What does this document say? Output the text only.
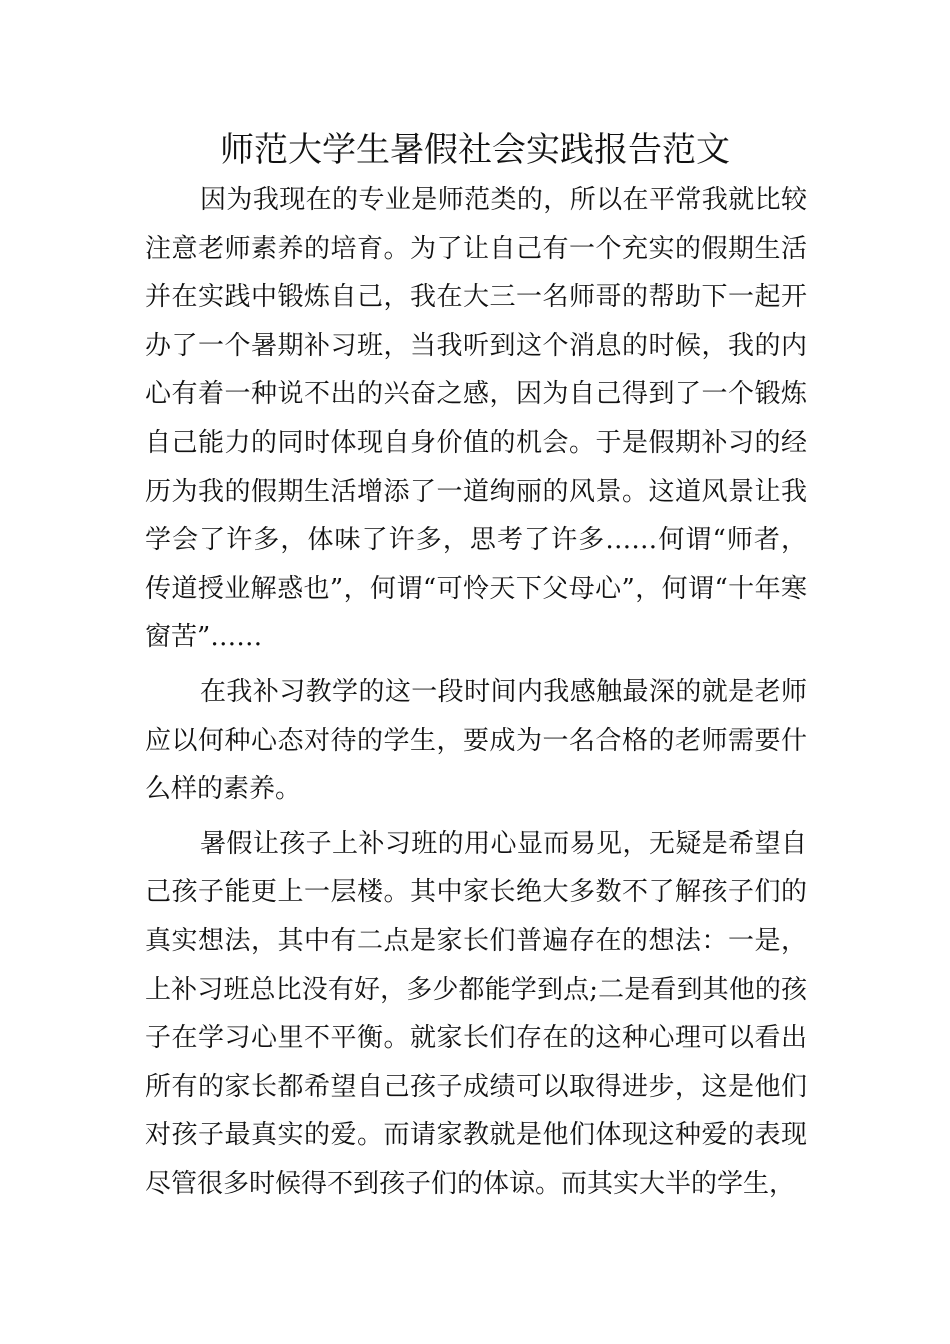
师范大学生暑假社会实践报告范文

因为我现在的专业是师范类的，所以在平常我就比较注意老师素养的培育。为了让自己有一个充实的假期生活并在实践中锻炼自己，我在大三一名师哥的帮助下一起开办了一个暑期补习班，当我听到这个消息的时候，我的内心有着一种说不出的兴奋之感，因为自己得到了一个锻炼自己能力的同时体现自身价值的机会。于是假期补习的经历为我的假期生活增添了一道绚丽的风景。这道风景让我学会了许多，体味了许多，思考了许多……何谓“师者，传道授业解惑也”，何谓“可怜天下父母心”，何谓“十年寒窗苦”……

在我补习教学的这一段时间内我感触最深的就是老师应以何种心态对待的学生，要成为一名合格的老师需要什么样的素养。

暑假让孩子上补习班的用心显而易见，无疑是希望自己孩子能更上一层楼。其中家长绝大多数不了解孩子们的真实想法，其中有二点是家长们普遍存在的想法：一是，上补习班总比没有好，多少都能学到点;二是看到其他的孩子在学习心里不平衡。就家长们存在的这种心理可以看出所有的家长都希望自己孩子成绩可以取得进步，这是他们对孩子最真实的爱。而请家教就是他们体现这种爱的表现尽管很多时候得不到孩子们的体谅。而其实大半的学生，
